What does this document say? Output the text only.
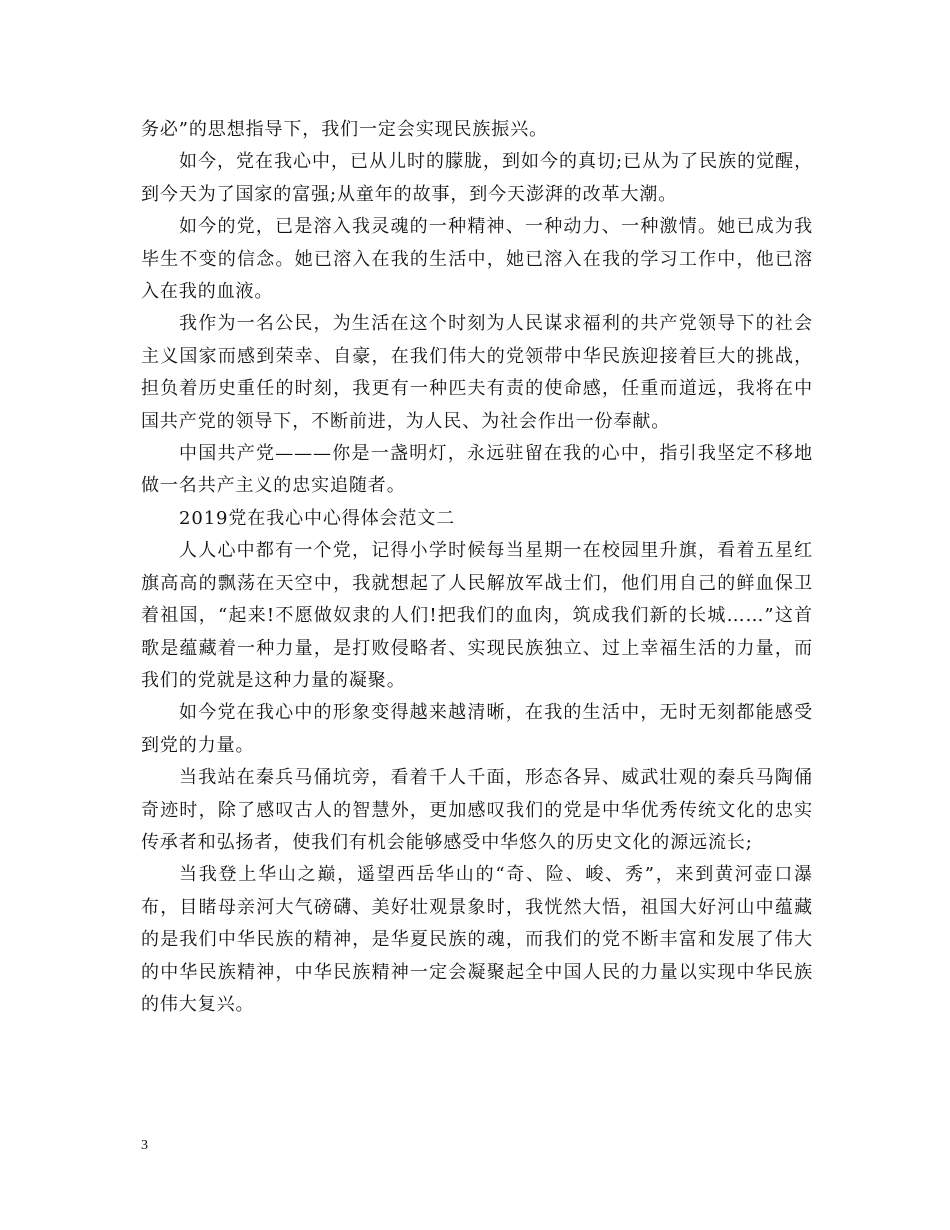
务必”的思想指导下，我们一定会实现民族振兴。

如今，党在我心中，已从儿时的朦胧，到如今的真切;已从为了民族的觉醒，到今天为了国家的富强;从童年的故事，到今天澎湃的改革大潮。

如今的党，已是溶入我灵魂的一种精神、一种动力、一种激情。她已成为我毕生不变的信念。她已溶入在我的生活中，她已溶入在我的学习工作中，他已溶入在我的血液。

我作为一名公民，为生活在这个时刻为人民谋求福利的共产党领导下的社会主义国家而感到荣幸、自豪，在我们伟大的党领带中华民族迎接着巨大的挑战，担负着历史重任的时刻，我更有一种匹夫有责的使命感，任重而道远，我将在中国共产党的领导下，不断前进，为人民、为社会作出一份奉献。

中国共产党———你是一盏明灯，永远驻留在我的心中，指引我坚定不移地做一名共产主义的忠实追随者。

2019党在我心中心得体会范文二

人人心中都有一个党，记得小学时候每当星期一在校园里升旗，看着五星红旗高高的飘荡在天空中，我就想起了人民解放军战士们，他们用自己的鲜血保卫着祖国，“起来!不愿做奴隶的人们!把我们的血肉，筑成我们新的长城……”这首歌是蕴藏着一种力量，是打败侵略者、实现民族独立、过上幸福生活的力量，而我们的党就是这种力量的凝聚。

如今党在我心中的形象变得越来越清晰，在我的生活中，无时无刻都能感受到党的力量。

当我站在秦兵马俑坑旁，看着千人千面，形态各异、威武壮观的秦兵马陶俑奇迹时，除了感叹古人的智慧外，更加感叹我们的党是中华优秀传统文化的忠实传承者和弘扬者，使我们有机会能够感受中华悠久的历史文化的源远流长;

当我登上华山之巅，遥望西岳华山的“奇、险、峻、秀”，来到黄河壶口瀑布，目睹母亲河大气磅礴、美好壮观景象时，我恍然大悟，祖国大好河山中蕴藏的是我们中华民族的精神，是华夏民族的魂，而我们的党不断丰富和发展了伟大的中华民族精神，中华民族精神一定会凝聚起全中国人民的力量以实现中华民族的伟大复兴。

3
